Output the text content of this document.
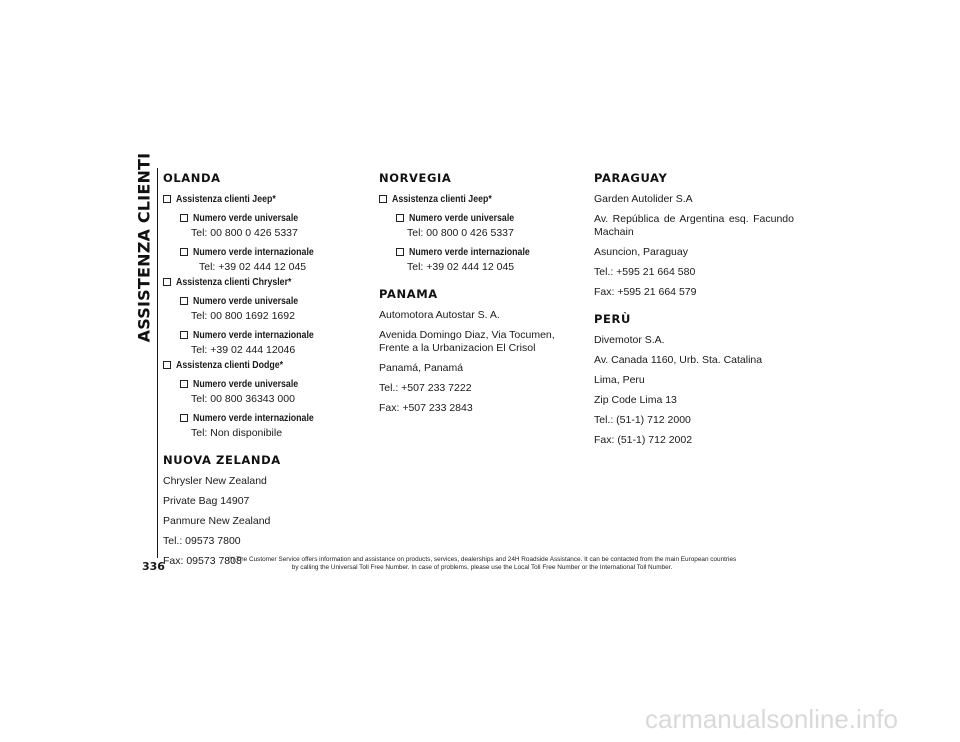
ASSISTENZA CLIENTI
336
OLANDA
Assistenza clienti Jeep*
Numero verde universale
Tel: 00 800 0 426 5337
Numero verde internazionale
Tel: +39 02 444 12 045
Assistenza clienti Chrysler*
Numero verde universale
Tel: 00 800 1692 1692
Numero verde internazionale
Tel: +39 02 444 12046
Assistenza clienti Dodge*
Numero verde universale
Tel: 00 800 36343 000
Numero verde internazionale
Tel: Non disponibile
NUOVA ZELANDA

Chrysler New Zealand

Private Bag 14907

Panmure New Zealand

Tel.: 09573 7800

Fax: 09573 7808

NORVEGIA
Assistenza clienti Jeep*
Numero verde universale
Tel: 00 800 0 426 5337
Numero verde internazionale
Tel: +39 02 444 12 045
PANAMA

Automotora Autostar S. A.

Avenida Domingo Diaz, Via Tocumen, Frente a la Urbanizacion El Crisol

Panamá, Panamá

Tel.: +507 233 7222

Fax: +507 233 2843

PARAGUAY

Garden Autolider S.A

Av. República de Argentina esq. Facundo Machain

Asuncion, Paraguay

Tel.: +595 21 664 580

Fax: +595 21 664 579

PERÙ

Divemotor S.A.

Av. Canada 1160, Urb. Sta. Catalina

Lima, Peru

Zip Code Lima 13

Tel.: (51-1) 712 2000

Fax: (51-1) 712 2002

(*) The Customer Service offers information and assistance on products, services, dealerships and 24H Roadside Assistance. It can be contacted from the main European countries
by calling the Universal Toll Free Number. In case of problems, please use the Local Toll Free Number or the International Toll Number.
carmanualsonline.info
